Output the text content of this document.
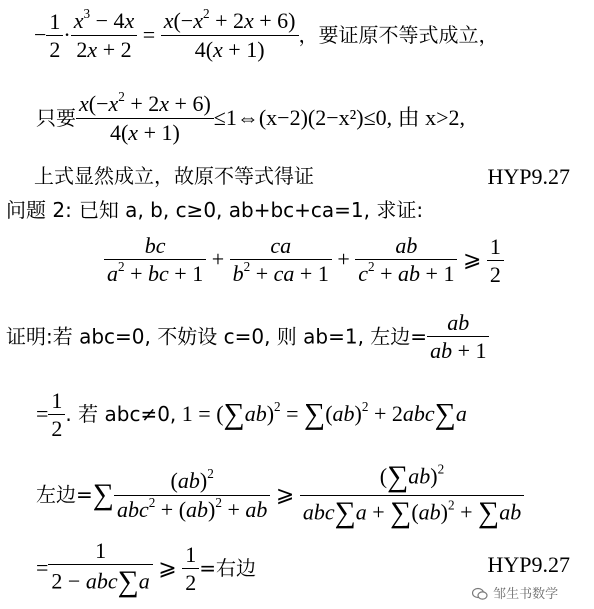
− $\frac{1}{2} \cdot \frac{x^3 - 4x}{2x + 2} = \frac{x(-x^2 + 2x + 6)}{4(x + 1)}$ ，要证原不等式成立，
只要 $\frac{x(-x^2 + 2x + 6)}{4(x + 1)}$ ≤1⇔(x−2)(2−x²)≤0, 由 x>2,
上式显然成立，故原不等式得证	HYP9.27
问题 2: 已知 a, b, c≥0, ab+bc+ca=1, 求证:
$\frac{bc}{a^2 + bc + 1} + \frac{ca}{b^2 + ca + 1} + \frac{ab}{c^2 + ab + 1}$ ⩾ $\frac{1}{2}$
证明:若 abc=0, 不妨设 c=0, 则 ab=1, 左边= $\frac{ab}{ab + 1}$
= $\frac{1}{2}$ . 若 abc≠0, $1 = (\sum ab)^2 = \sum(ab)^2 + 2abc\sum a$
左边=∑ $\frac{(ab)^2}{abc^2 + (ab)^2 + ab}$ ⩾ $\frac{(\sum ab)^2}{abc\sum a + \sum(ab)^2 + \sum ab}$
= $\frac{1}{\text{2 − abc∑a}}$ ⩾ $\frac{1}{2}$ =右边	HYP9.27
邹生书数学
